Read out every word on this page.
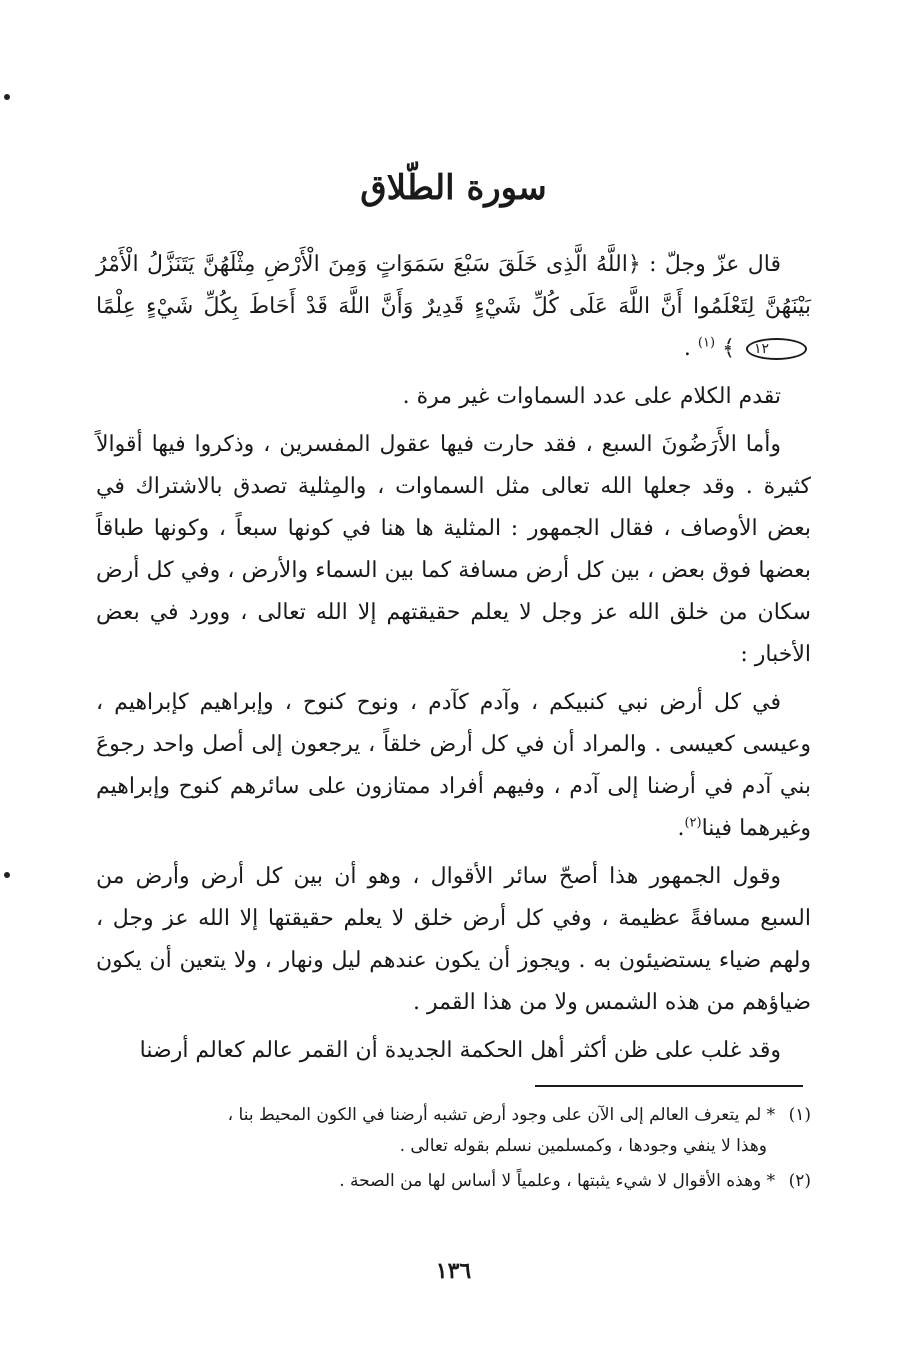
سورة الطّلاق

قال عزّ وجلّ : ﴿اللَّهُ الَّذِى خَلَقَ سَبْعَ سَمَوَاتٍ وَمِنَ الْأَرْضِ مِثْلَهُنَّ يَتَنَزَّلُ الْأَمْرُ بَيْنَهُنَّ لِتَعْلَمُوا أَنَّ اللَّهَ عَلَى كُلِّ شَيْءٍ قَدِيرٌ وَأَنَّ اللَّهَ قَدْ أَحَاطَ بِكُلِّ شَيْءٍ عِلْمًا ١٢ ﴾ $^{(١)}$ .

تقدم الكلام على عدد السماوات غير مرة .

وأما الأَرَضُونَ السبع ، فقد حارت فيها عقول المفسرين ، وذكروا فيها أقوالاً كثيرة . وقد جعلها الله تعالى مثل السماوات ، والمِثلية تصدق بالاشتراك في بعض الأوصاف ، فقال الجمهور : المثلية ها هنا في كونها سبعاً ، وكونها طباقاً بعضها فوق بعض ، بين كل أرض مسافة كما بين السماء والأرض ، وفي كل أرض سكان من خلق الله عز وجل لا يعلم حقيقتهم إلا الله تعالى ، وورد في بعض الأخبار :

في كل أرض نبي كنبيكم ، وآدم كآدم ، ونوح كنوح ، وإبراهيم كإبراهيم ، وعيسى كعيسى . والمراد أن في كل أرض خلقاً ، يرجعون إلى أصل واحد رجوعَ بني آدم في أرضنا إلى آدم ، وفيهم أفراد ممتازون على سائرهم كنوح وإبراهيم وغيرهما فينا$^{(٢)}$.

وقول الجمهور هذا أصحّ سائر الأقوال ، وهو أن بين كل أرض وأرض من السبع مسافةً عظيمة ، وفي كل أرض خلق لا يعلم حقيقتها إلا الله عز وجل ، ولهم ضياء يستضيئون به . ويجوز أن يكون عندهم ليل ونهار ، ولا يتعين أن يكون ضياؤهم من هذه الشمس ولا من هذا القمر .

وقد غلب على ظن أكثر أهل الحكمة الجديدة أن القمر عالم كعالم أرضنا

(١) * لم يتعرف العالم إلى الآن على وجود أرض تشبه أرضنا في الكون المحيط بنا ،
وهذا لا ينفي وجودها ، وكمسلمين نسلم بقوله تعالى .

(٢) * وهذه الأقوال لا شيء يثبتها ، وعلمياً لا أساس لها من الصحة .

١٣٦
